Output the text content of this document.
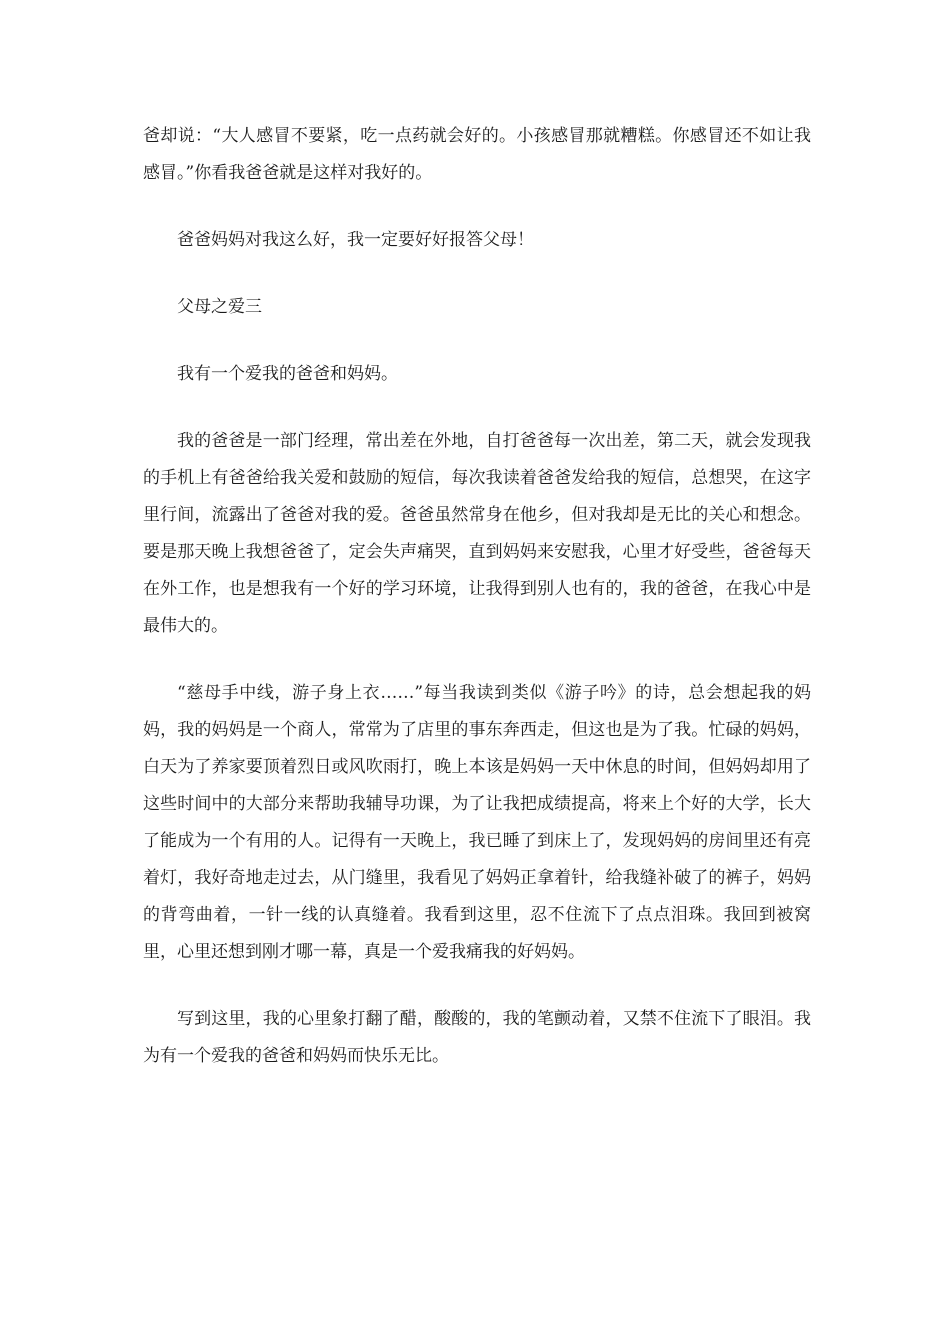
爸却说：“大人感冒不要紧，吃一点药就会好的。小孩感冒那就糟糕。你感冒还不如让我感冒。”你看我爸爸就是这样对我好的。

爸爸妈妈对我这么好，我一定要好好报答父母！

父母之爱三

我有一个爱我的爸爸和妈妈。

我的爸爸是一部门经理，常出差在外地，自打爸爸每一次出差，第二天，就会发现我的手机上有爸爸给我关爱和鼓励的短信，每次我读着爸爸发给我的短信，总想哭，在这字里行间，流露出了爸爸对我的爱。爸爸虽然常身在他乡，但对我却是无比的关心和想念。要是那天晚上我想爸爸了，定会失声痛哭，直到妈妈来安慰我，心里才好受些，爸爸每天在外工作，也是想我有一个好的学习环境，让我得到别人也有的，我的爸爸，在我心中是最伟大的。

“慈母手中线，游子身上衣……”每当我读到类似《游子吟》的诗，总会想起我的妈妈，我的妈妈是一个商人，常常为了店里的事东奔西走，但这也是为了我。忙碌的妈妈，白天为了养家要顶着烈日或风吹雨打，晚上本该是妈妈一天中休息的时间，但妈妈却用了这些时间中的大部分来帮助我辅导功课，为了让我把成绩提高，将来上个好的大学，长大了能成为一个有用的人。记得有一天晚上，我已睡了到床上了，发现妈妈的房间里还有亮着灯，我好奇地走过去，从门缝里，我看见了妈妈正拿着针，给我缝补破了的裤子，妈妈的背弯曲着，一针一线的认真缝着。我看到这里，忍不住流下了点点泪珠。我回到被窝里，心里还想到刚才哪一幕，真是一个爱我痛我的好妈妈。

写到这里，我的心里象打翻了醋，酸酸的，我的笔颤动着，又禁不住流下了眼泪。我为有一个爱我的爸爸和妈妈而快乐无比。
